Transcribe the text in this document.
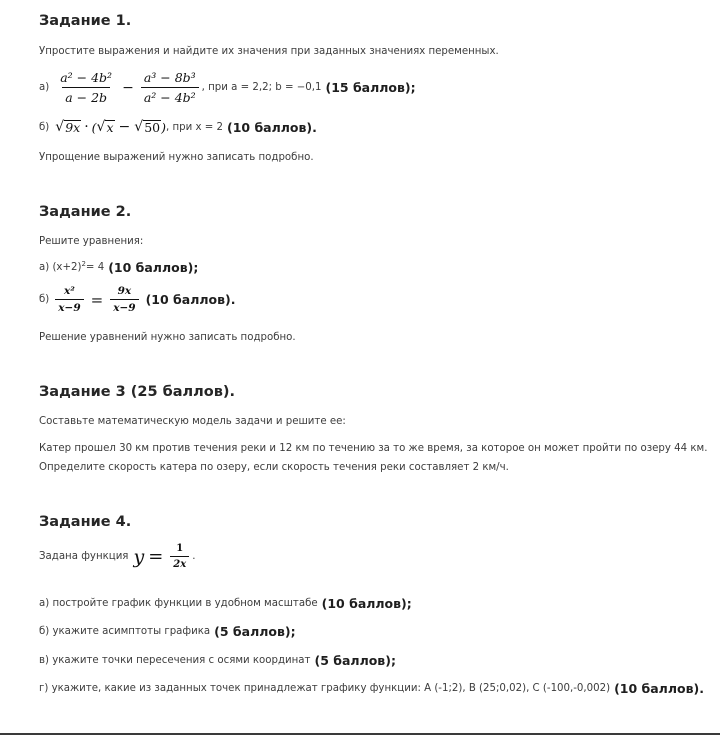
Задание 1.
Упростите выражения и найдите их значения при заданных значениях переменных.
$а) \frac{\text{a² − 4b²}}{a - 2b} - \frac{\text{a³ − 8b³}}{\text{a² − 4b²}}$ , при а = 2,2; b = −0,1 (15 баллов) ;
б) √ 9x · ( √ x − √ 50 ) , при x = 2 (10 баллов) .
Упрощение выражений нужно записать подробно.
Задание 2.
Решите уравнения:
а) $(x+2)^2 = 4$ (10 баллов) ;
$б) \frac{\text{x²}}{x-9} = \frac{9x}{x-9} (10$ баллов) .
Решение уравнений нужно записать подробно.
Задание 3 (25 баллов).
Составьте математическую модель задачи и решите ее:
Катер прошел 30 км против течения реки и 12 км по течению за то же время, за которое он может пройти по озеру 44 км.
Определите скорость катера по озеру, если скорость течения реки составляет 2 км/ч.
Задание 4.
Задана функция $y = \frac{1}{2x}$ .
а) постройте график функции в удобном масштабе (10 баллов) ;
б) укажите асимптоты графика (5 баллов) ;
в) укажите точки пересечения с осями координат (5 баллов) ;
г) укажите, какие из заданных точек принадлежат графику функции: А (-1;2), В (25;0,02), С (-100,-0,002) (10 баллов) .
